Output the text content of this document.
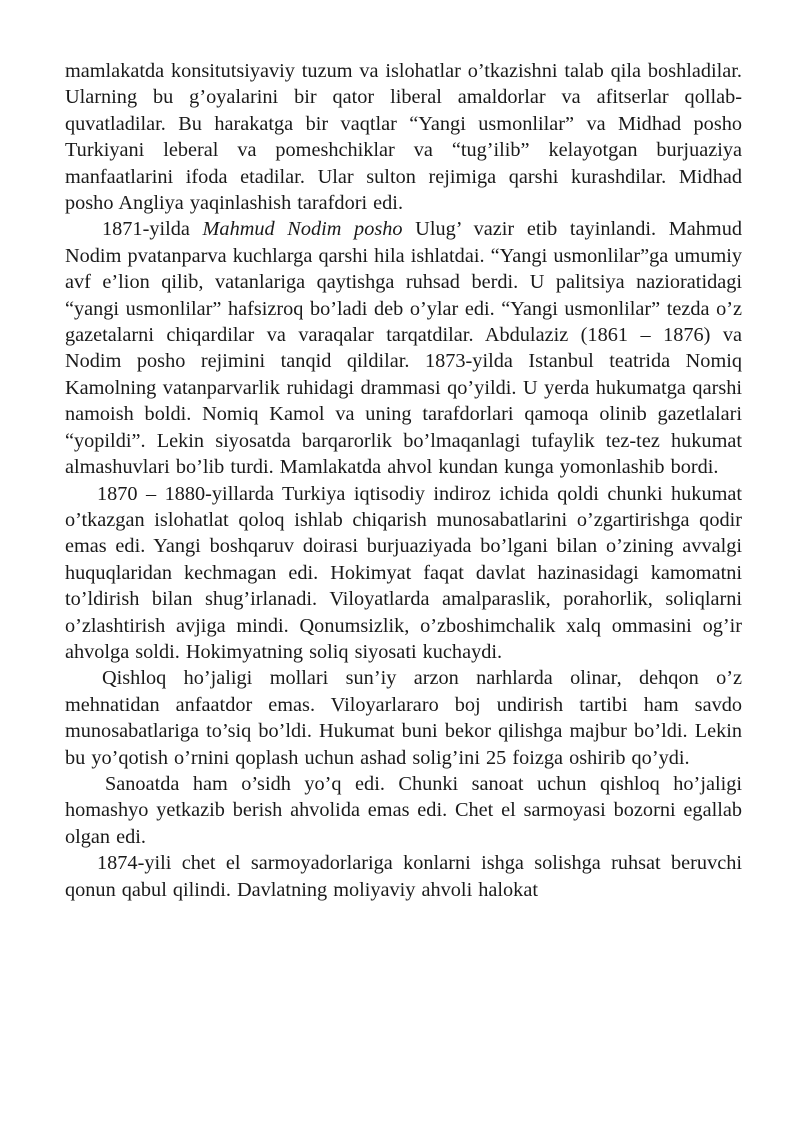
mamlakatda konsitutsiyaviy tuzum va islohatlar o’tkazishni talab qila boshladilar. Ularning bu g’oyalarini bir qator liberal amaldorlar va afitserlar qollab-quvatladilar. Bu harakatga bir vaqtlar “Yangi usmonlilar” va Midhad posho Turkiyani leberal va pomeshchiklar va “tug’ilib” kelayotgan burjuaziya manfaatlarini ifoda etadilar. Ular sulton rejimiga qarshi kurashdilar. Midhad posho Angliya yaqinlashish tarafdori edi.

1871-yilda Mahmud Nodim posho Ulug’ vazir etib tayinlandi. Mahmud Nodim pvatanparva kuchlarga qarshi hila ishlatdai. “Yangi usmonlilar”ga umumiy avf e’lion qilib, vatanlariga qaytishga ruhsad berdi. U palitsiya nazioratidagi “yangi usmonlilar” hafsizroq bo’ladi deb o’ylar edi. “Yangi usmonlilar” tezda o’z gazetalarni chiqardilar va varaqalar tarqatdilar. Abdulaziz (1861 – 1876) va Nodim posho rejimini tanqid qildilar. 1873-yilda Istanbul teatrida Nomiq Kamolning vatanparvarlik ruhidagi drammasi qo’yildi. U yerda hukumatga qarshi namoish boldi. Nomiq Kamol va uning tarafdorlari qamoqa olinib gazetlalari “yopildi”. Lekin siyosatda barqarorlik bo’lmaqanlagi tufaylik tez-tez hukumat almashuvlari bo’lib turdi. Mamlakatda ahvol kundan kunga yomonlashib bordi.

1870 – 1880-yillarda Turkiya iqtisodiy indiroz ichida qoldi chunki hukumat o’tkazgan islohatlat qoloq ishlab chiqarish munosabatlarini o’zgartirishga qodir emas edi. Yangi boshqaruv doirasi burjuaziyada bo’lgani bilan o’zining avvalgi huquqlaridan kechmagan edi. Hokimyat faqat davlat hazinasidagi kamomatni to’ldirish bilan shug’irlanadi. Viloyatlarda amalparaslik, porahorlik, soliqlarni o’zlashtirish avjiga mindi. Qonumsizlik, o’zboshimchalik xalq ommasini og’ir ahvolga soldi. Hokimyatning soliq siyosati kuchaydi.

Qishloq ho’jaligi mollari sun’iy arzon narhlarda olinar, dehqon o’z mehnatidan anfaatdor emas. Viloyarlararo boj undirish tartibi ham savdo munosabatlariga to’siq bo’ldi. Hukumat buni bekor qilishga majbur bo’ldi. Lekin bu yo’qotish o’rnini qoplash uchun ashad solig’ini 25 foizga oshirib qo’ydi.

Sanoatda ham o’sidh yo’q edi. Chunki sanoat uchun qishloq ho’jaligi homashyo yetkazib berish ahvolida emas edi. Chet el sarmoyasi bozorni egallab olgan edi.

1874-yili chet el sarmoyadorlariga konlarni ishga solishga ruhsat beruvchi qonun qabul qilindi. Davlatning moliyaviy ahvoli halokat
